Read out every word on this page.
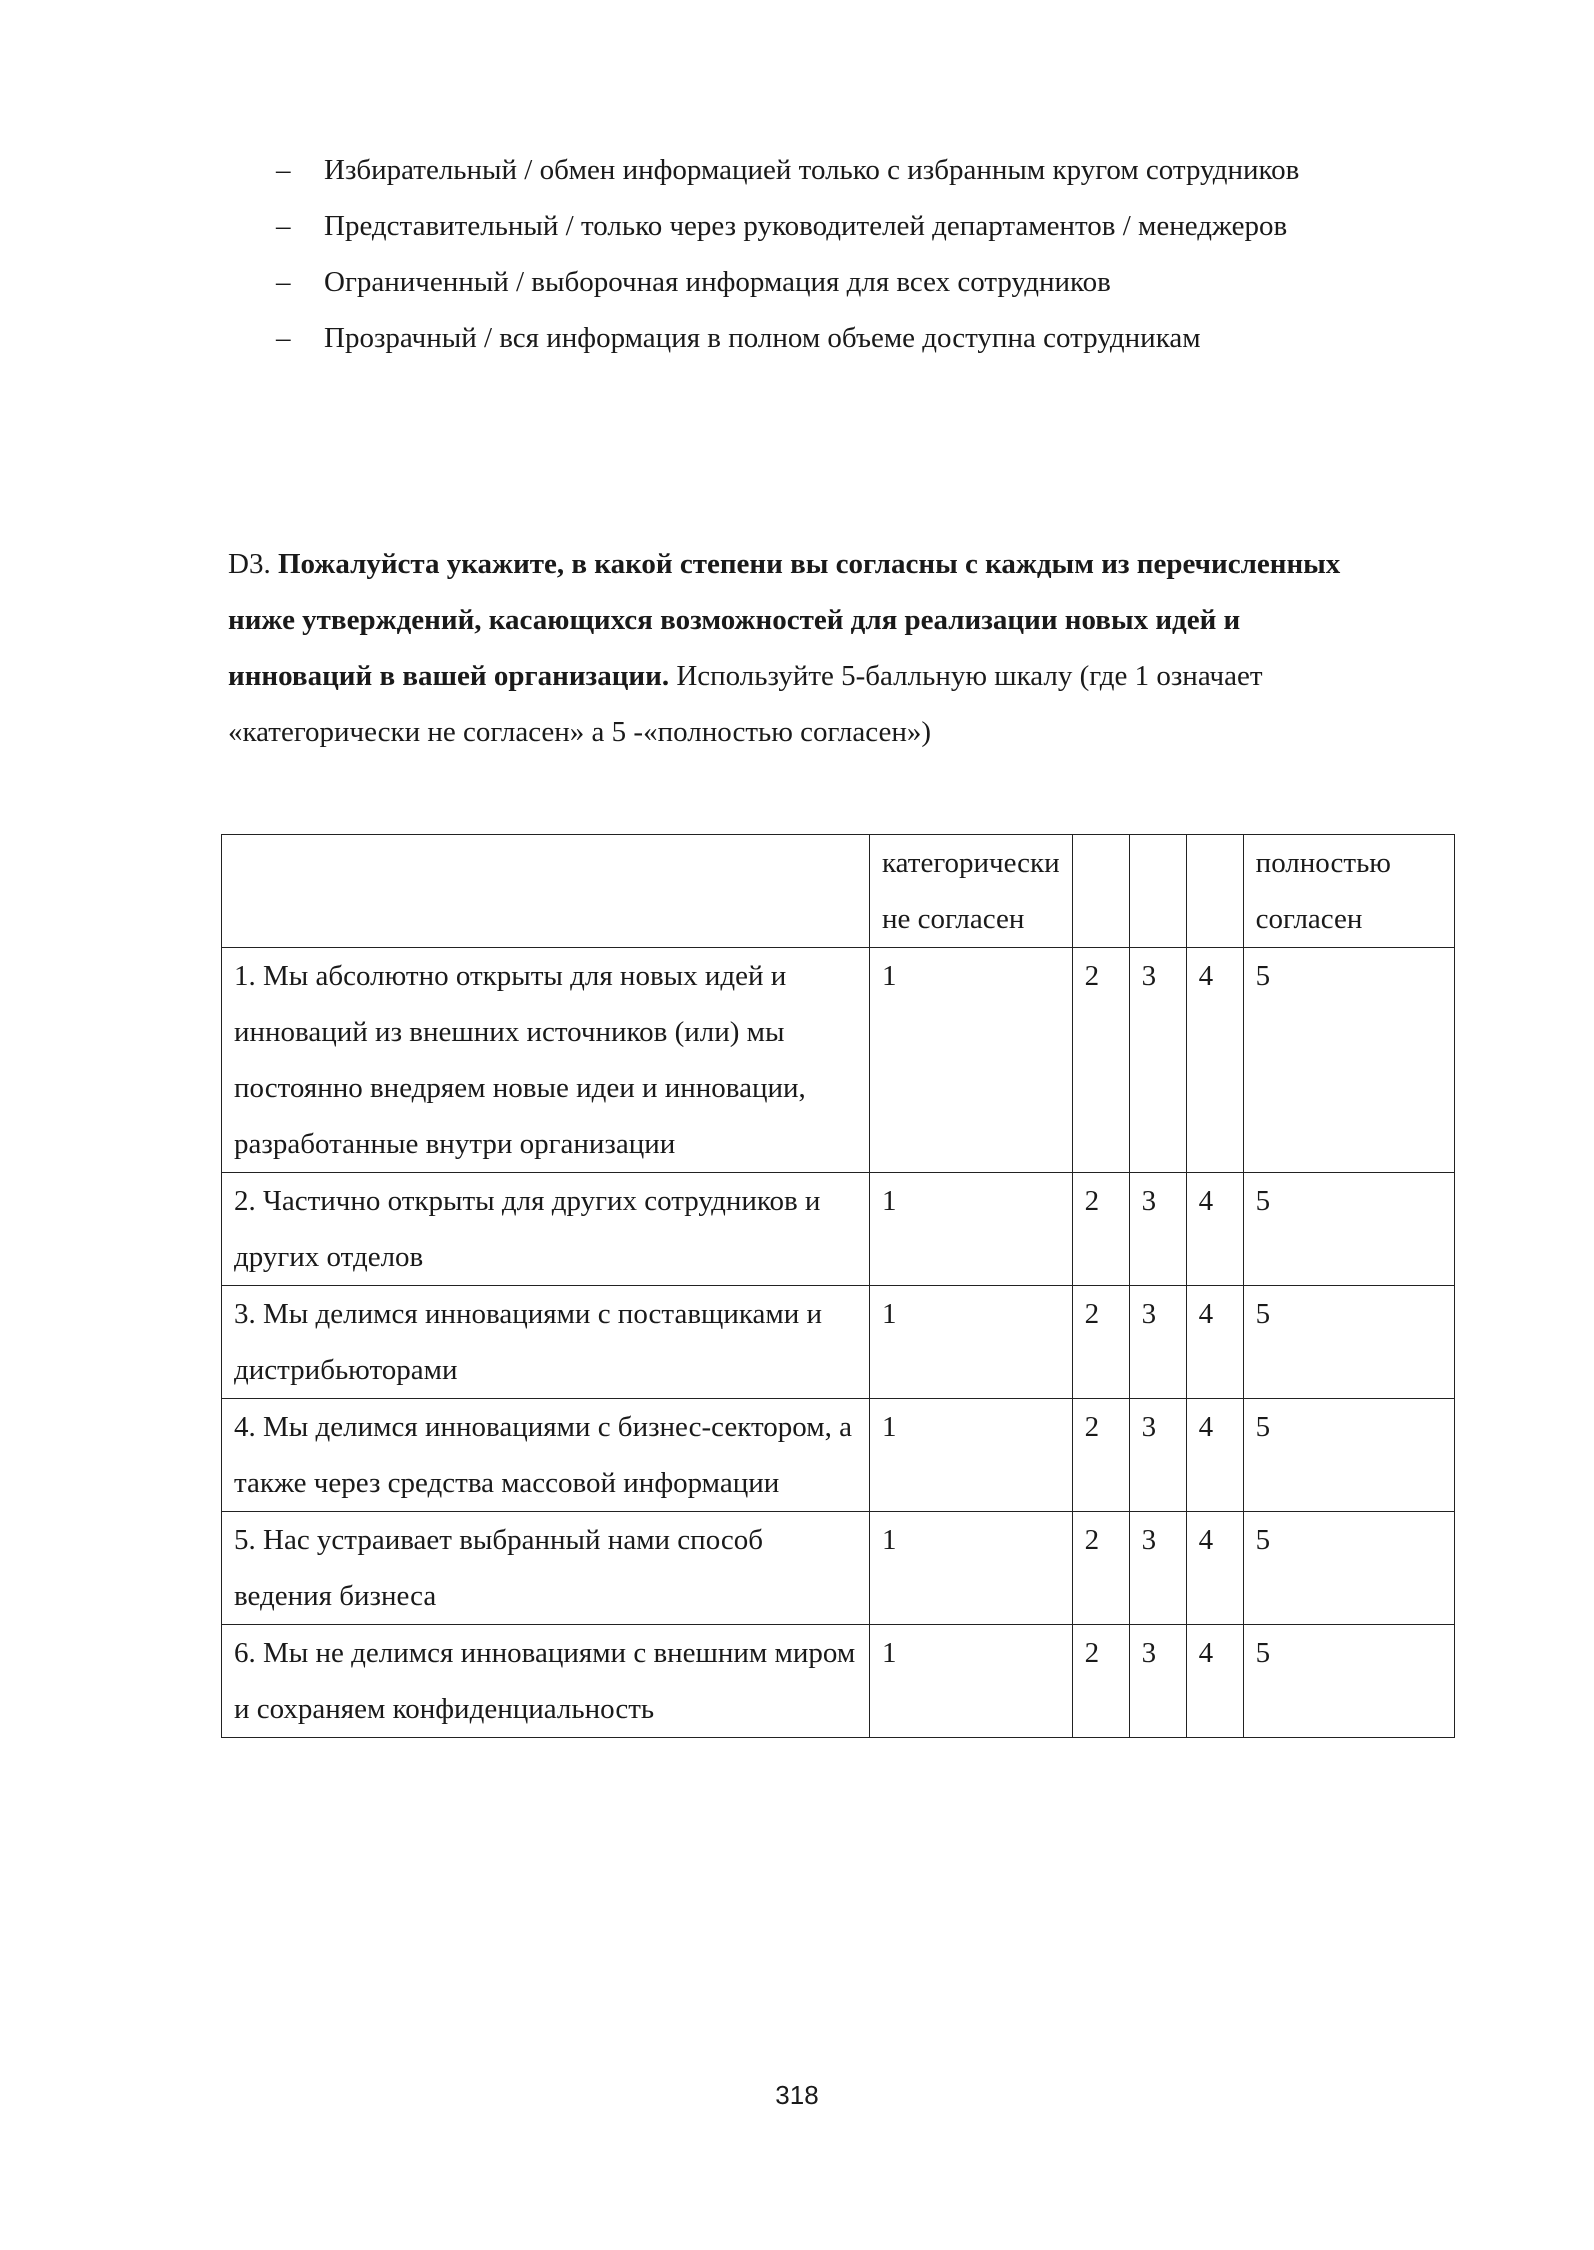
– Избирательный / обмен информацией только с избранным кругом сотрудников
– Представительный / только через руководителей департаментов / менеджеров
– Ограниченный / выборочная информация для всех сотрудников
– Прозрачный / вся информация в полном объеме доступна сотрудникам

D3. Пожалуйста укажите, в какой степени вы согласны с каждым из перечисленных ниже утверждений, касающихся возможностей для реализации новых идей и инноваций в вашей организации. Используйте 5-балльную шкалу (где 1 означает «категорически не согласен» а 5 -«полностью согласен»)

	категорически не согласен				полностью согласен
1. Мы абсолютно открыты для новых идей и инноваций из внешних источников (или) мы постоянно внедряем новые идеи и инновации, разработанные внутри организации	1	2	3	4	5
2. Частично открыты для других сотрудников и других отделов	1	2	3	4	5
3. Мы делимся инновациями с поставщиками и дистрибьюторами	1	2	3	4	5
4. Мы делимся инновациями с бизнес-сектором, а также через средства массовой информации	1	2	3	4	5
5. Нас устраивает выбранный нами способ ведения бизнеса	1	2	3	4	5
6. Мы не делимся инновациями с внешним миром и сохраняем конфиденциальность	1	2	3	4	5
318
